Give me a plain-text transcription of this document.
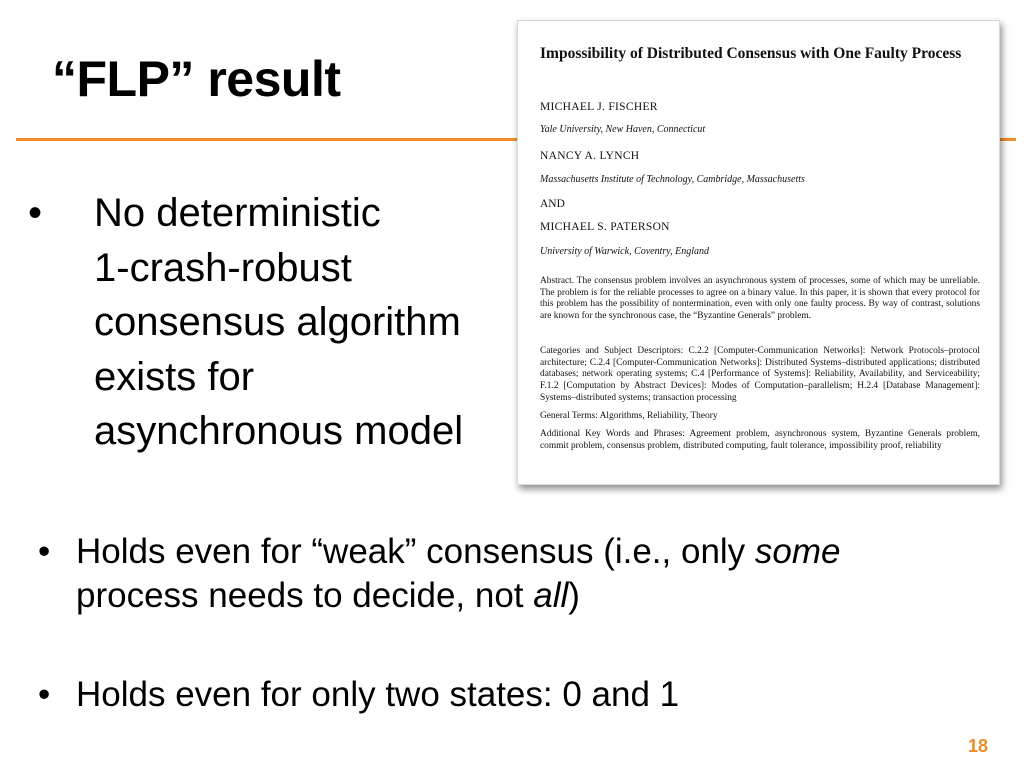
“FLP” result
• No deterministic
1-crash-robust
consensus algorithm
exists for
asynchronous model
Impossibility of Distributed Consensus with One Faulty Process
MICHAEL J. FISCHER
Yale University, New Haven, Connecticut
NANCY A. LYNCH
Massachusetts Institute of Technology, Cambridge, Massachusetts
AND
MICHAEL S. PATERSON
University of Warwick, Coventry, England
Abstract. The consensus problem involves an asynchronous system of processes, some of which may be unreliable. The problem is for the reliable processes to agree on a binary value. In this paper, it is shown that every protocol for this problem has the possibility of nontermination, even with only one faulty process. By way of contrast, solutions are known for the synchronous case, the “Byzantine Generals” problem.
Categories and Subject Descriptors: C.2.2 [Computer-Communication Networks]: Network Protocols–protocol architecture; C.2.4 [Computer-Communication Networks]: Distributed Systems–distributed applications; distributed databases; network operating systems; C.4 [Performance of Systems]: Reliability, Availability, and Serviceability; F.1.2 [Computation by Abstract Devices]: Modes of Computation–parallelism; H.2.4 [Database Management]: Systems–distributed systems; transaction processing
General Terms: Algorithms, Reliability, Theory
Additional Key Words and Phrases: Agreement problem, asynchronous system, Byzantine Generals problem, commit problem, consensus problem, distributed computing, fault tolerance, impossibility proof, reliability
• Holds even for “weak” consensus (i.e., only some
process needs to decide, not all)
• Holds even for only two states: 0 and 1
18
